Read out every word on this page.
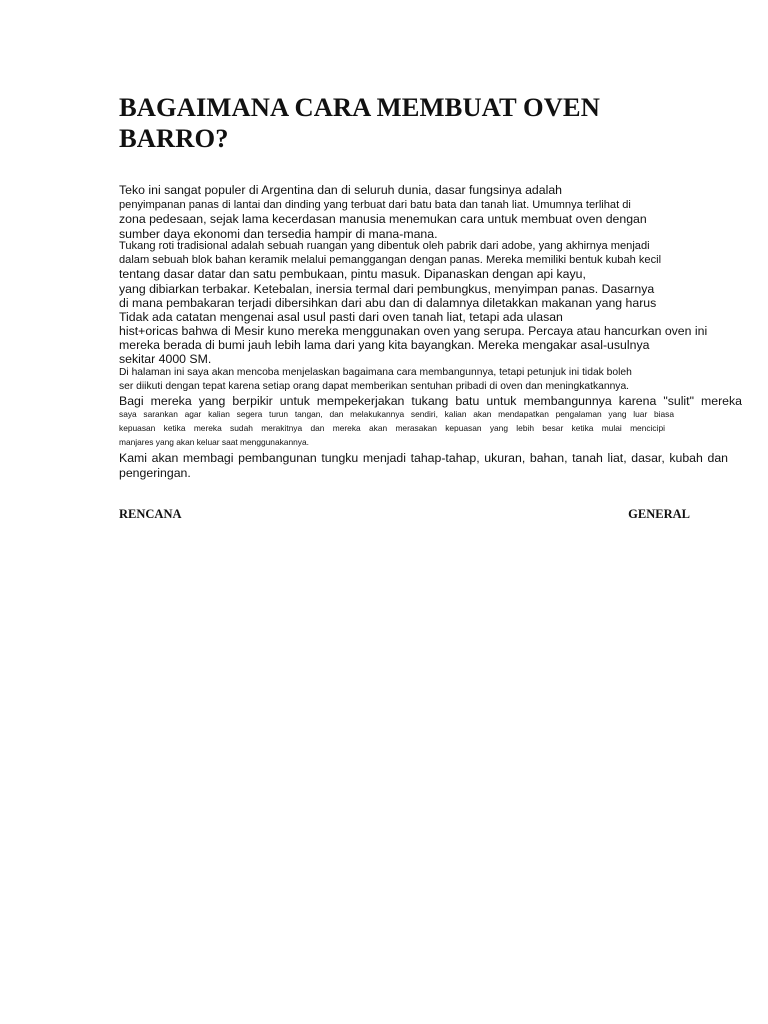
BAGAIMANA CARA MEMBUAT OVEN BARRO?

Teko ini sangat populer di Argentina dan di seluruh dunia, dasar fungsinya adalah

penyimpanan panas di lantai dan dinding yang terbuat dari batu bata dan tanah liat. Umumnya terlihat di

zona pedesaan, sejak lama kecerdasan manusia menemukan cara untuk membuat oven dengan

sumber daya ekonomi dan tersedia hampir di mana-mana.

Tukang roti tradisional adalah sebuah ruangan yang dibentuk oleh pabrik dari adobe, yang akhirnya menjadi

dalam sebuah blok bahan keramik melalui pemanggangan dengan panas. Mereka memiliki bentuk kubah kecil

tentang dasar datar dan satu pembukaan, pintu masuk. Dipanaskan dengan api kayu,

yang dibiarkan terbakar. Ketebalan, inersia termal dari pembungkus, menyimpan panas. Dasarnya

di mana pembakaran terjadi dibersihkan dari abu dan di dalamnya diletakkan makanan yang harus

Tidak ada catatan mengenai asal usul pasti dari oven tanah liat, tetapi ada ulasan

hist+oricas bahwa di Mesir kuno mereka menggunakan oven yang serupa. Percaya atau hancurkan oven ini

mereka berada di bumi jauh lebih lama dari yang kita bayangkan. Mereka mengakar asal-usulnya

sekitar 4000 SM.

Di halaman ini saya akan mencoba menjelaskan bagaimana cara membangunnya, tetapi petunjuk ini tidak boleh

ser diikuti dengan tepat karena setiap orang dapat memberikan sentuhan pribadi di oven dan meningkatkannya.

Bagi mereka yang berpikir untuk mempekerjakan tukang batu untuk membangunnya karena "sulit" mereka

saya sarankan agar kalian segera turun tangan, dan melakukannya sendiri, kalian akan mendapatkan pengalaman yang luar biasa

kepuasan ketika mereka sudah merakitnya dan mereka akan merasakan kepuasan yang lebih besar ketika mulai mencicipi

manjares yang akan keluar saat menggunakannya.

Kami akan membagi pembangunan tungku menjadi tahap-tahap, ukuran, bahan, tanah liat, dasar, kubah dan

pengeringan.

RENCANA	GENERAL
